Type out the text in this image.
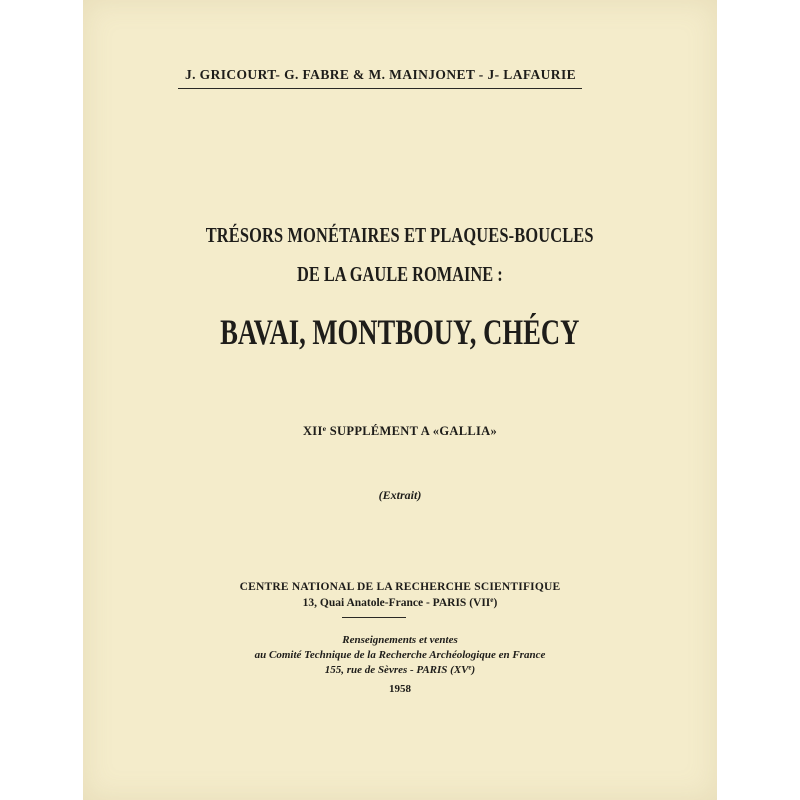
J. GRICOURT- G. FABRE & M. MAINJONET - J- LAFAURIE
TRÉSORS MONÉTAIRES ET PLAQUES-BOUCLES
DE LA GAULE ROMAINE :
BAVAI, MONTBOUY, CHÉCY
XIIe SUPPLÉMENT A «GALLIA»
(Extrait)
CENTRE NATIONAL DE LA RECHERCHE SCIENTIFIQUE
13, Quai Anatole-France - PARIS (VIIe)
Renseignements et ventes
au Comité Technique de la Recherche Archéologique en France
155, rue de Sèvres - PARIS (XVe)
1958
